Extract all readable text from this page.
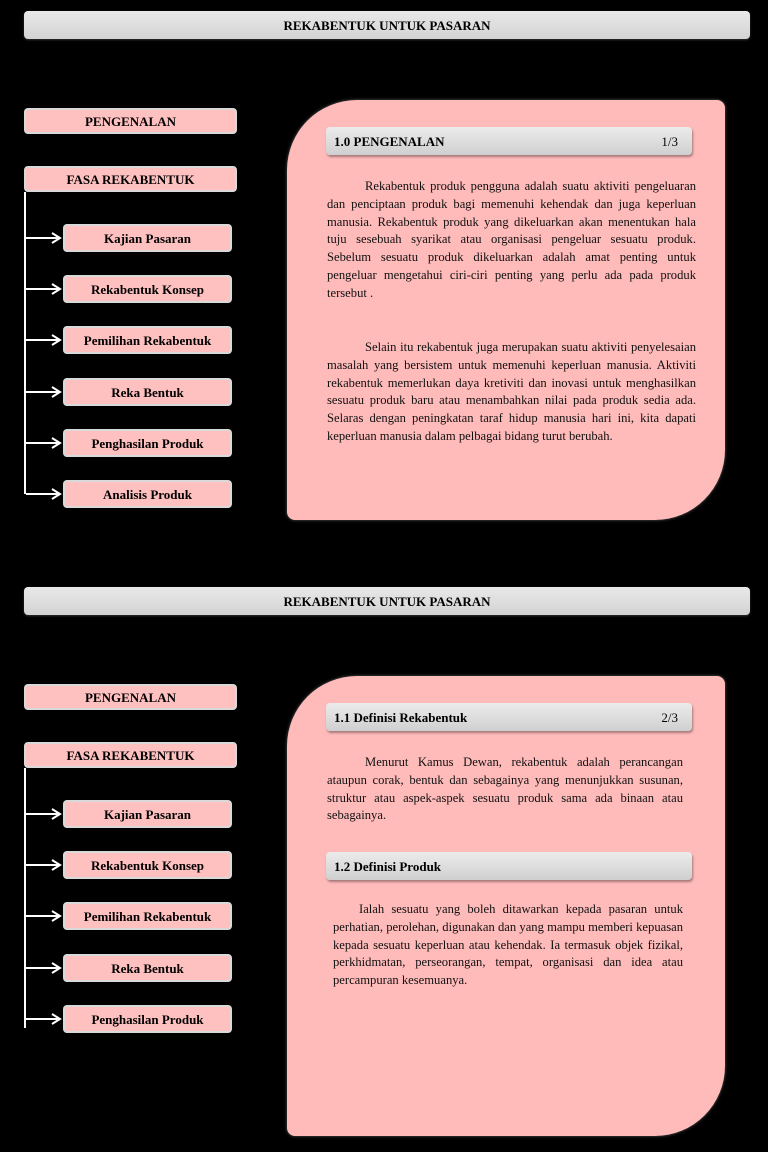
REKABENTUK UNTUK PASARAN
PENGENALAN
FASA REKABENTUK
Kajian Pasaran
Rekabentuk Konsep
Pemilihan Rekabentuk
Reka Bentuk
Penghasilan Produk
Analisis Produk
1.0 PENGENALAN	1/3

Rekabentuk produk pengguna adalah suatu aktiviti pengeluaran dan penciptaan produk bagi memenuhi kehendak dan juga keperluan manusia. Rekabentuk produk yang dikeluarkan akan menentukan hala tuju sesebuah syarikat atau organisasi pengeluar sesuatu produk. Sebelum sesuatu produk dikeluarkan adalah amat penting untuk pengeluar mengetahui ciri-ciri penting yang perlu ada pada produk tersebut .

Selain itu rekabentuk juga merupakan suatu aktiviti penyelesaian masalah yang bersistem untuk memenuhi keperluan manusia. Aktiviti rekabentuk memerlukan daya kretiviti dan inovasi untuk menghasilkan sesuatu produk baru atau menambahkan nilai pada produk sedia ada. Selaras dengan peningkatan taraf hidup manusia hari ini, kita dapati keperluan manusia dalam pelbagai bidang turut berubah.

REKABENTUK UNTUK PASARAN
PENGENALAN
FASA REKABENTUK
Kajian Pasaran
Rekabentuk Konsep
Pemilihan Rekabentuk
Reka Bentuk
Penghasilan Produk
1.1 Definisi Rekabentuk	2/3

Menurut Kamus Dewan, rekabentuk adalah perancangan ataupun corak, bentuk dan sebagainya yang menunjukkan susunan, struktur atau aspek-aspek sesuatu produk sama ada binaan atau sebagainya.

1.2 Definisi Produk

Ialah sesuatu yang boleh ditawarkan kepada pasaran untuk perhatian, perolehan, digunakan dan yang mampu memberi kepuasan kepada sesuatu keperluan atau kehendak. Ia termasuk objek fizikal, perkhidmatan, perseorangan, tempat, organisasi dan idea atau percampuran kesemuanya.
